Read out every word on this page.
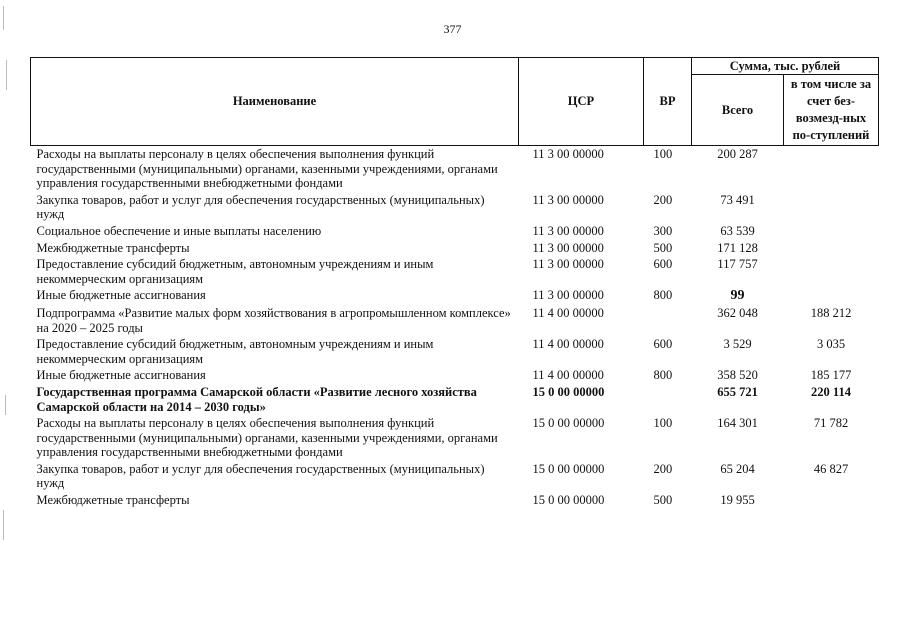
377
Наименование	ЦСР	ВР	Сумма, тыс. рублей	
			Всего	в том числе за счет без-возмезд-ных по-ступлений
Расходы на выплаты персоналу в целях обеспечения выполнения функций государственными (муниципальными) органами, казенными учреждениями, органами управления государственными внебюджетными фондами	11 3 00 00000	100	200 287	
Закупка товаров, работ и услуг для обеспечения государственных (муниципальных) нужд	11 3 00 00000	200	73 491	
Социальное обеспечение и иные выплаты населению	11 3 00 00000	300	63 539	
Межбюджетные трансферты	11 3 00 00000	500	171 128	
Предоставление субсидий бюджетным, автономным учреждениям и иным некоммерческим организациям	11 3 00 00000	600	117 757	
Иные бюджетные ассигнования	11 3 00 00000	800	99	
Подпрограмма «Развитие малых форм хозяйствования в агропромышленном комплексе» на 2020 – 2025 годы	11 4 00 00000		362 048	188 212
Предоставление субсидий бюджетным, автономным учреждениям и иным некоммерческим организациям	11 4 00 00000	600	3 529	3 035
Иные бюджетные ассигнования	11 4 00 00000	800	358 520	185 177
Государственная программа Самарской области «Развитие лесного хозяйства Самарской области на 2014 – 2030 годы»	15 0 00 00000		655 721	220 114
Расходы на выплаты персоналу в целях обеспечения выполнения функций государственными (муниципальными) органами, казенными учреждениями, органами управления государственными внебюджетными фондами	15 0 00 00000	100	164 301	71 782
Закупка товаров, работ и услуг для обеспечения государственных (муниципальных) нужд	15 0 00 00000	200	65 204	46 827
Межбюджетные трансферты	15 0 00 00000	500	19 955	
